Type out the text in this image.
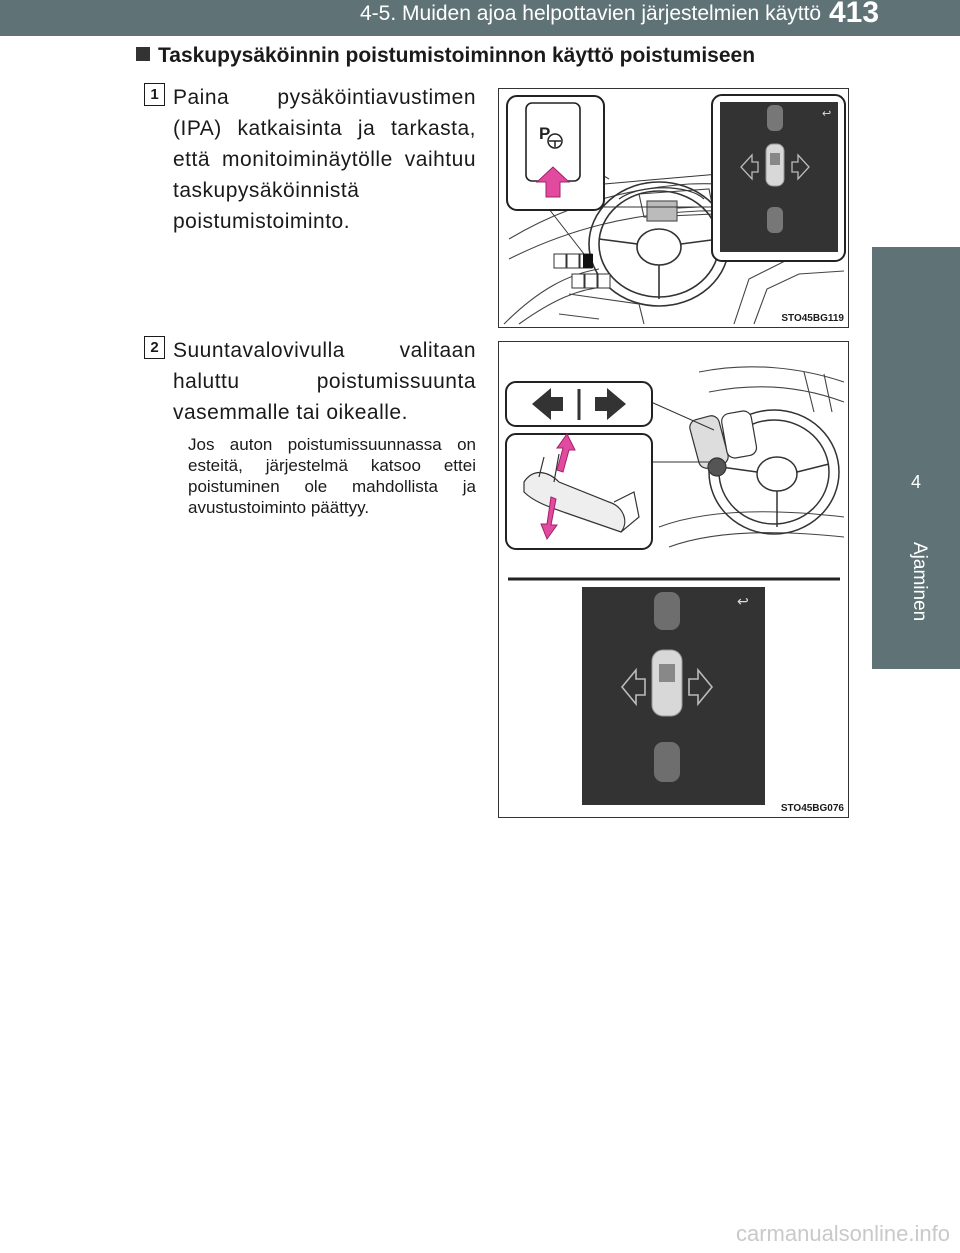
4-5. Muiden ajoa helpottavien järjestelmien käyttö 413
4
Ajaminen
Taskupysäköinnin poistumistoiminnon käyttö poistumiseen
1 Paina pysäköintiavustimen (IPA) katkaisinta ja tarkasta, että monitoiminäytölle vaihtuu taskupysäköinnistä poistumistoiminto.
P
↩
STO45BG119
2 Suuntavalovivulla valitaan haluttu poistumissuunta vasemmalle tai oikealle.
Jos auton poistumissuunnassa on esteitä, järjestelmä katsoo ettei poistuminen ole mahdollista ja avustustoiminto päättyy.
↩
STO45BG076
carmanualsonline.info
